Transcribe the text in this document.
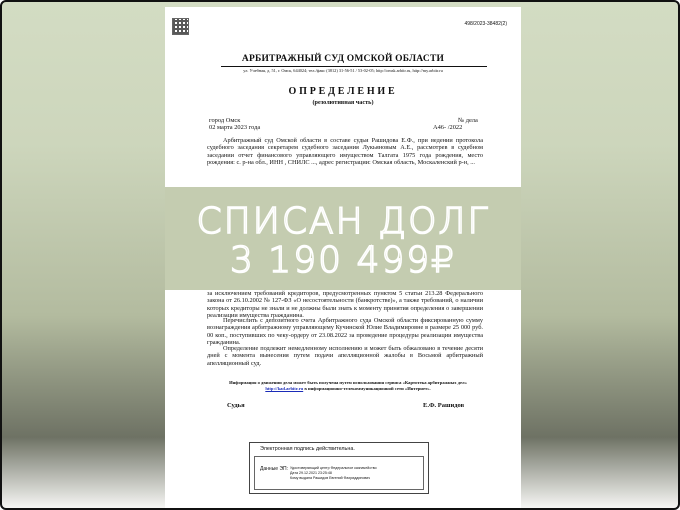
498/2023-38482(2)
АРБИТРАЖНЫЙ СУД ОМСКОЙ ОБЛАСТИ
ул. Учебная, д. 51, г. Омск, 644024; тел./факс (3812) 31-56-51 / 53-02-05; http://omsk.arbitr.ru, http://my.arbitr.ru
ОПРЕДЕЛЕНИЕ
(резолютивная часть)
город Омск
02 марта 2023 года
№ дела
А46- /2022
Арбитражный суд Омской области в составе судьи Рашидова Е.Ф., при ведении протокола судебного заседания секретарем судебного заседания Лукьяновым А.Е., рассмотрев в судебном заседании отчет финансового управляющего имуществом Талгата 1975 года рождения, место рождения: с. р-на обл., ИНН , СНИЛС ..., адрес регистрации: Омская область, Москаленский р-н, ...
за исключением требований кредиторов, предусмотренных пунктом 5 статьи 213.28 Федерального закона от 26.10.2002 № 127-ФЗ «О несостоятельности (банкротстве)», а также требований, о наличии которых кредиторы не знали и не должны были знать к моменту принятия определения о завершении реализации имущества гражданина.
Перечислить с депозитного счета Арбитражного суда Омской области фиксированную сумму вознаграждения арбитражному управляющему Кучинской Юлие Владимировне в размере 25 000 руб. 00 коп., поступивших по чеку-ордеру от 23.08.2022 за проведение процедуры реализации имущества гражданина.
Определение подлежит немедленному исполнению и может быть обжаловано в течение десяти дней с момента вынесения путем подачи апелляционной жалобы в Восьмой арбитражный апелляционный суд.
Информация о движении дела может быть получена путем использования сервиса «Картотека арбитражных дел» http://kad.arbitr.ru в информационно-телекоммуникационной сети «Интернет».
Судья	Е.Ф. Рашидов
Электронная подпись действительна.
Данные ЭП: Удостоверяющий центр Федеральное казначейство
Дата 29.12.2021 23:25:48
Кому выдана Рашидов Евгений Фахриддинович
СПИСАН ДОЛГ
3 190 499₽
